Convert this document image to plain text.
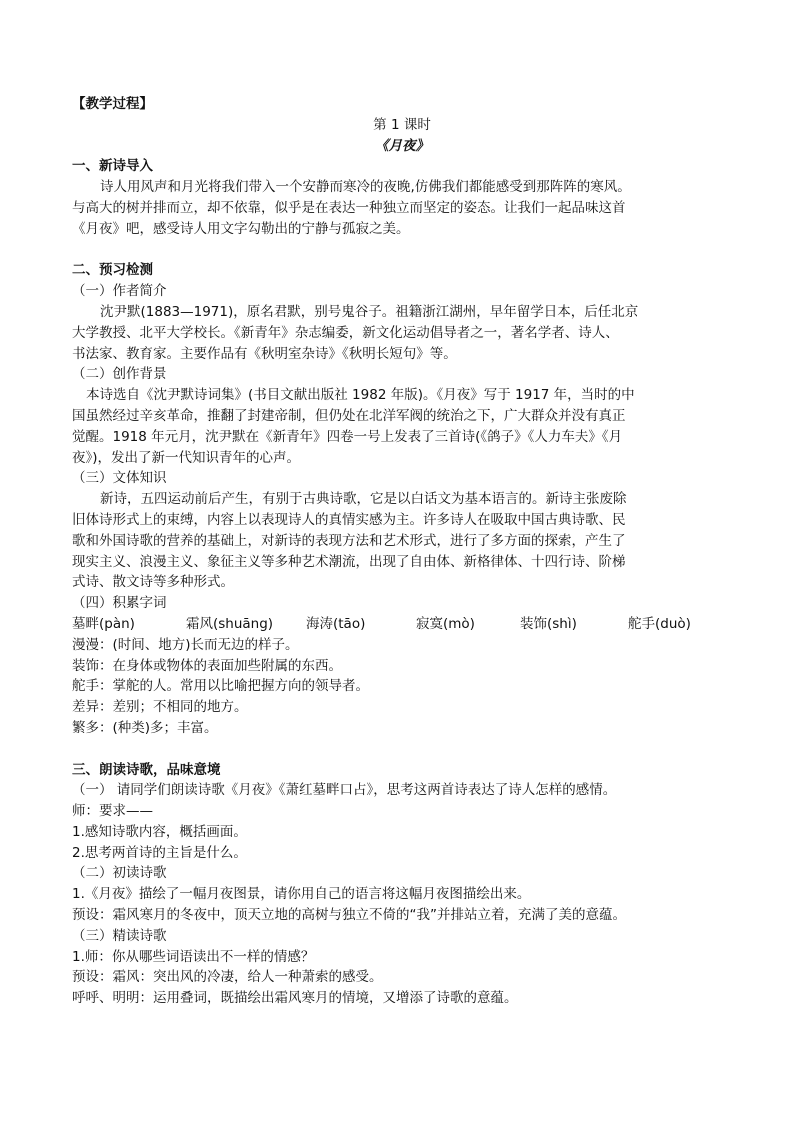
【教学过程】
第 1 课时
《月夜》
一、新诗导入
诗人用风声和月光将我们带入一个安静而寒冷的夜晚,仿佛我们都能感受到那阵阵的寒风。
与高大的树并排而立，却不依靠，似乎是在表达一种独立而坚定的姿态。让我们一起品味这首
《月夜》吧，感受诗人用文字勾勒出的宁静与孤寂之美。
二、预习检测
（一）作者简介
沈尹默(1883—1971)，原名君默，别号鬼谷子。祖籍浙江湖州，早年留学日本，后任北京
大学教授、北平大学校长。《新青年》杂志编委，新文化运动倡导者之一，著名学者、诗人、
书法家、教育家。主要作品有《秋明室杂诗》《秋明长短句》等。
（二）创作背景
本诗选自《沈尹默诗词集》(书目文献出版社 1982 年版)。《月夜》写于 1917 年，当时的中
国虽然经过辛亥革命，推翻了封建帝制，但仍处在北洋军阀的统治之下，广大群众并没有真正
觉醒。1918 年元月，沈尹默在《新青年》四卷一号上发表了三首诗(《鸽子》《人力车夫》《月
夜》)，发出了新一代知识青年的心声。
（三）文体知识
新诗，五四运动前后产生，有别于古典诗歌，它是以白话文为基本语言的。新诗主张废除
旧体诗形式上的束缚，内容上以表现诗人的真情实感为主。许多诗人在吸取中国古典诗歌、民
歌和外国诗歌的营养的基础上，对新诗的表现方法和艺术形式，进行了多方面的探索，产生了
现实主义、浪漫主义、象征主义等多种艺术潮流，出现了自由体、新格律体、十四行诗、阶梯
式诗、散文诗等多种形式。
（四）积累字词
墓畔(pàn)	霜风(shuāng)	海涛(tāo)	寂寞(mò)	装饰(shì)	舵手(duò)
漫漫：(时间、地方)长而无边的样子。
装饰：在身体或物体的表面加些附属的东西。
舵手：掌舵的人。常用以比喻把握方向的领导者。
差异：差别；不相同的地方。
繁多：(种类)多；丰富。
三、朗读诗歌，品味意境
（一） 请同学们朗读诗歌《月夜》《萧红墓畔口占》，思考这两首诗表达了诗人怎样的感情。
师：要求——
1.感知诗歌内容，概括画面。
2.思考两首诗的主旨是什么。
（二）初读诗歌
1.《月夜》描绘了一幅月夜图景，请你用自己的语言将这幅月夜图描绘出来。
预设：霜风寒月的冬夜中，顶天立地的高树与独立不倚的“我”并排站立着，充满了美的意蕴。
（三）精读诗歌
1.师：你从哪些词语读出不一样的情感？
预设：霜风：突出风的冷凄，给人一种萧索的感受。
呼呼、明明：运用叠词，既描绘出霜风寒月的情境，又增添了诗歌的意蕴。
